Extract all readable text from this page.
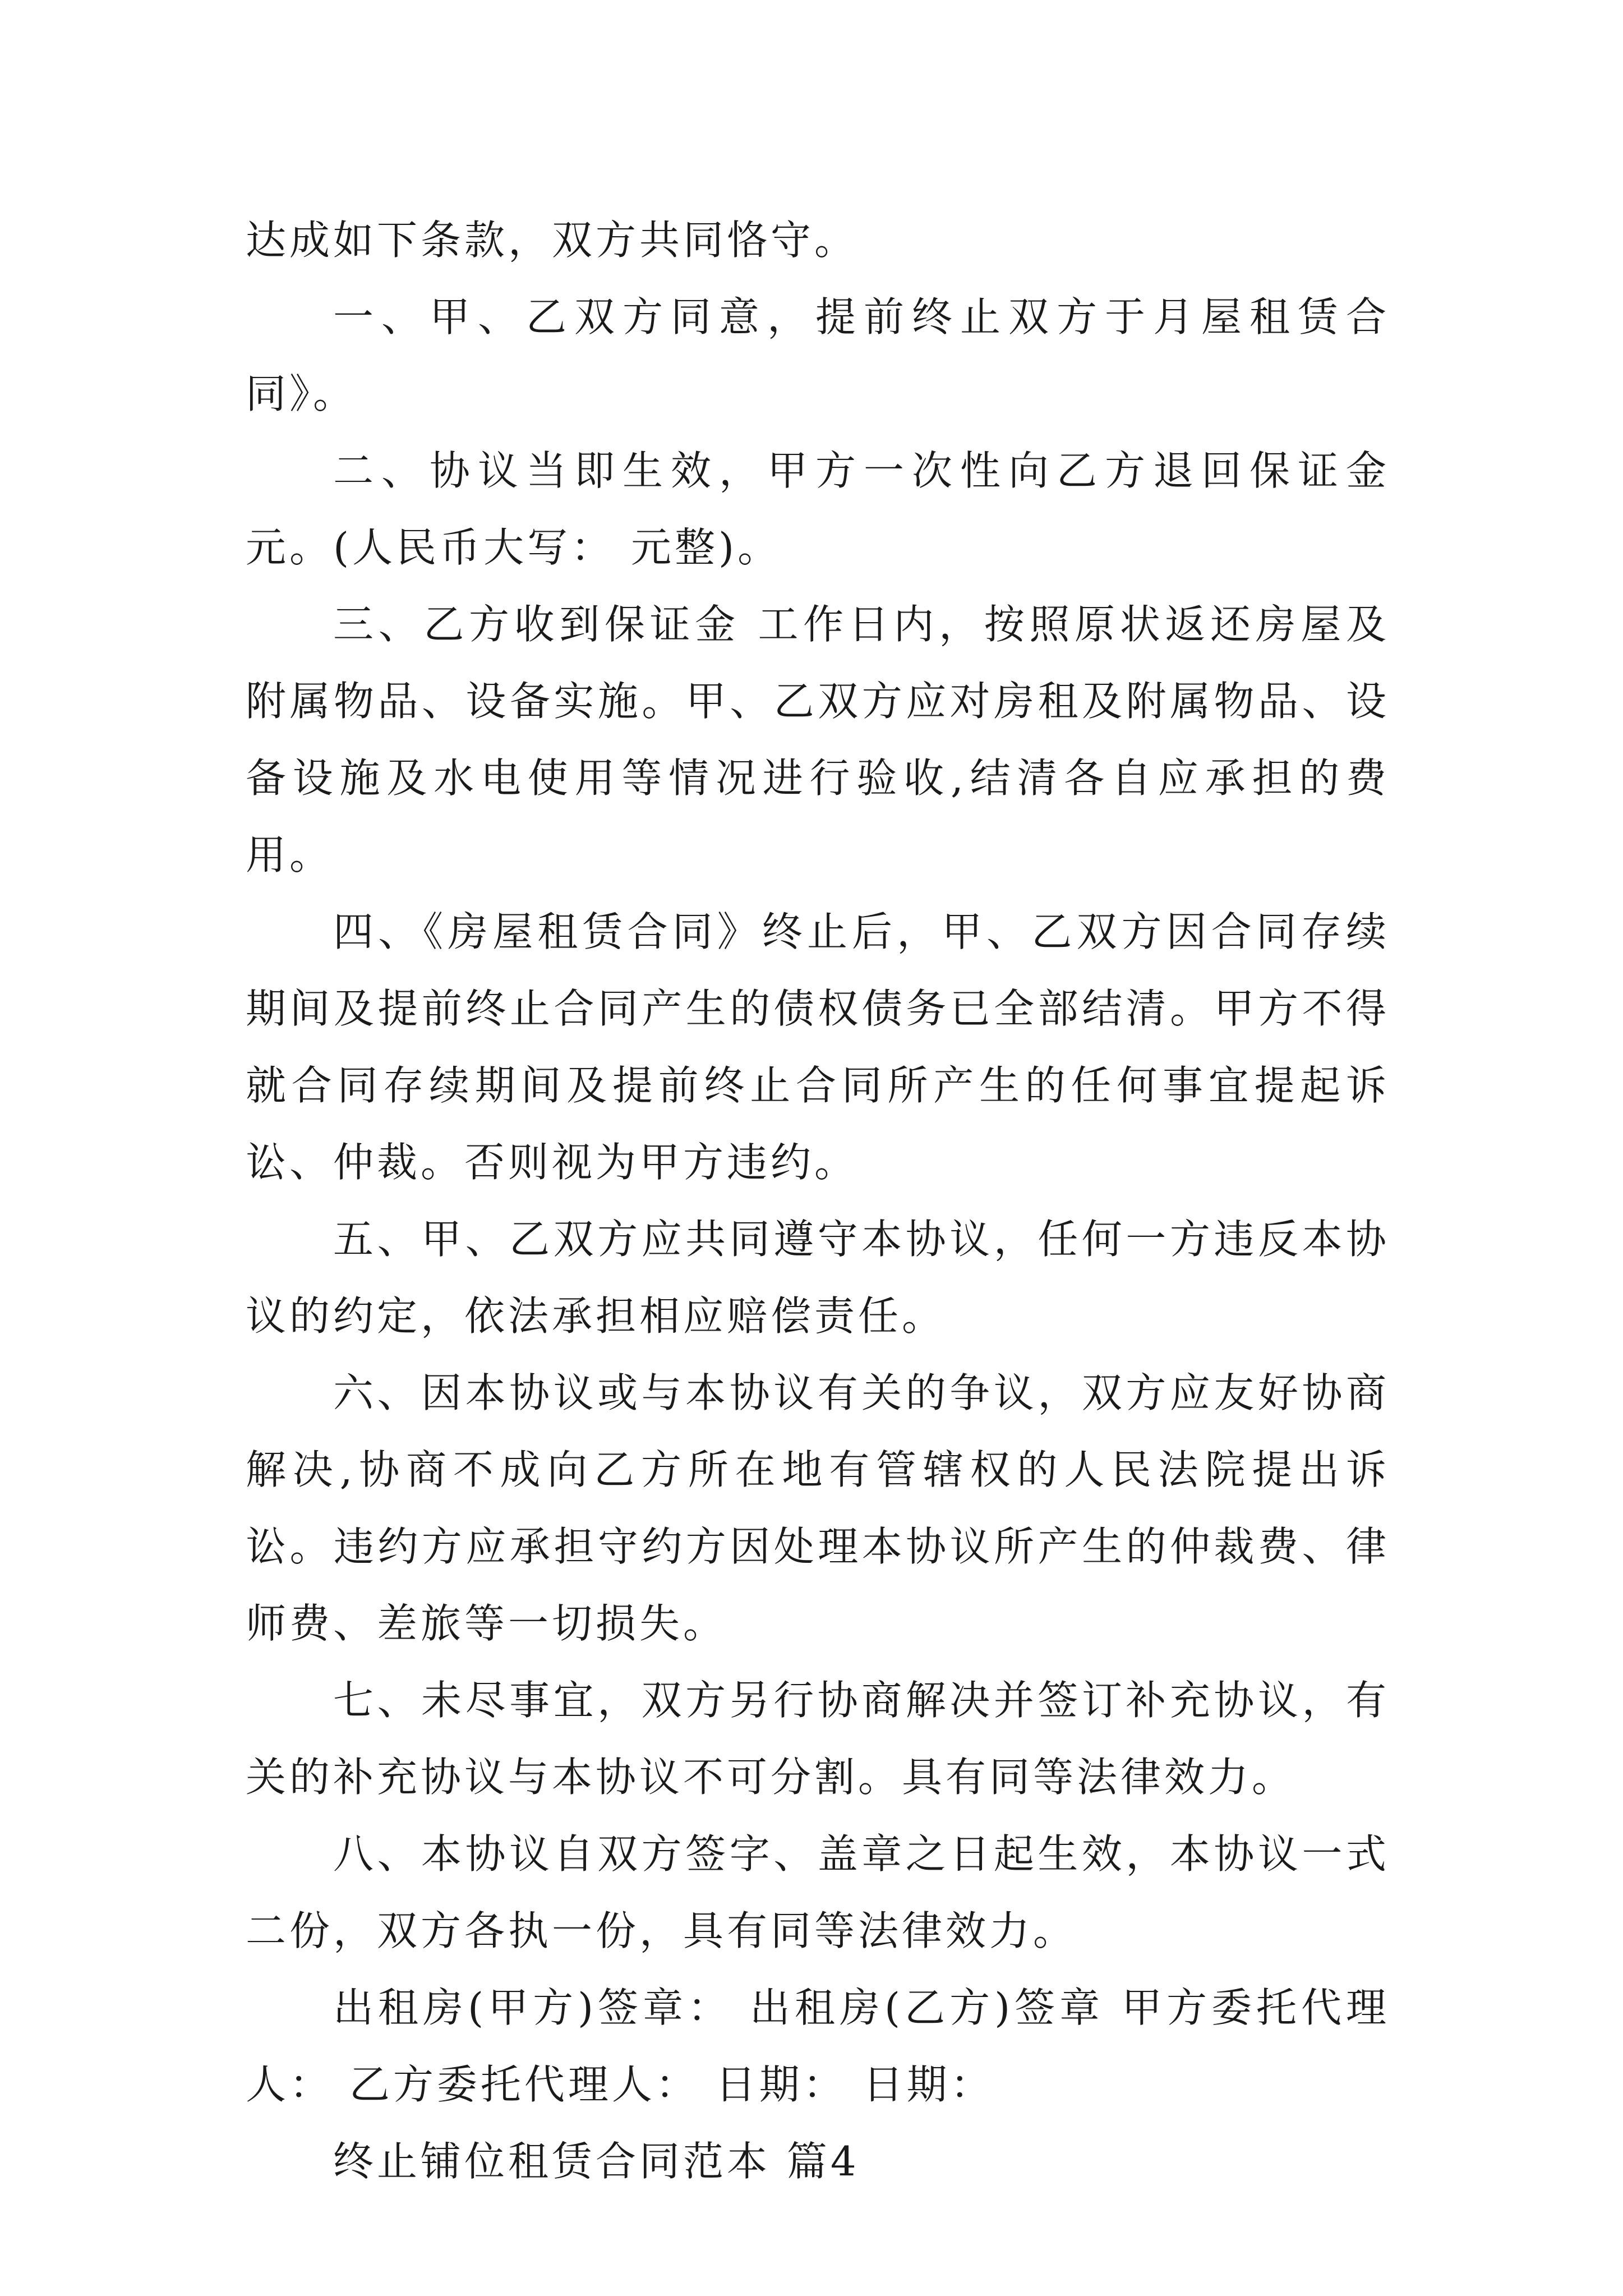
达成如下条款，双方共同恪守。

一、甲、乙双方同意，提前终止双方于月屋租赁合同》。

二、协议当即生效，甲方一次性向乙方退回保证金 元。(人民币大写： 元整)。

三、乙方收到保证金 工作日内，按照原状返还房屋及附属物品、设备实施。甲、乙双方应对房租及附属物品、设备设施及水电使用等情况进行验收,结清各自应承担的费用。

四、《房屋租赁合同》终止后，甲、乙双方因合同存续期间及提前终止合同产生的债权债务已全部结清。甲方不得就合同存续期间及提前终止合同所产生的任何事宜提起诉讼、仲裁。否则视为甲方违约。

五、甲、乙双方应共同遵守本协议，任何一方违反本协议的约定，依法承担相应赔偿责任。

六、因本协议或与本协议有关的争议，双方应友好协商解决,协商不成向乙方所在地有管辖权的人民法院提出诉讼。违约方应承担守约方因处理本协议所产生的仲裁费、律师费、差旅等一切损失。

七、未尽事宜，双方另行协商解决并签订补充协议，有关的补充协议与本协议不可分割。具有同等法律效力。

八、本协议自双方签字、盖章之日起生效，本协议一式二份，双方各执一份，具有同等法律效力。

出租房(甲方)签章： 出租房(乙方)签章 甲方委托代理人： 乙方委托代理人： 日期： 日期：

终止铺位租赁合同范本 篇4
